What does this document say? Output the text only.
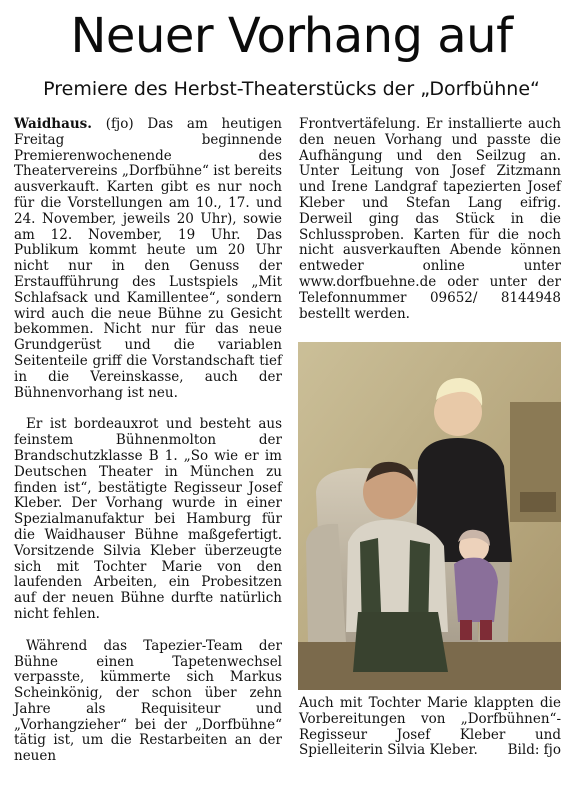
Neuer Vorhang auf
Premiere des Herbst-Theaterstücks der „Dorfbühne“

Waidhaus. (fjo) Das am heutigen Freitag beginnende Premierenwochenende des Theatervereins „Dorfbühne“ ist bereits ausverkauft. Karten gibt es nur noch für die Vorstellungen am 10., 17. und 24. November, jeweils 20 Uhr), sowie am 12. November, 19 Uhr. Das Publikum kommt heute um 20 Uhr nicht nur in den Genuss der Erstaufführung des Lustspiels „Mit Schlafsack und Kamillentee“, sondern wird auch die neue Bühne zu Gesicht bekommen. Nicht nur für das neue Grundgerüst und die variablen Seitenteile griff die Vorstandschaft tief in die Vereinskasse, auch der Bühnenvorhang ist neu.

Er ist bordeauxrot und besteht aus feinstem Bühnenmolton der Brandschutzklasse B 1. „So wie er im Deutschen Theater in München zu finden ist“, bestätigte Regisseur Josef Kleber. Der Vorhang wurde in einer Spezialmanufaktur bei Hamburg für die Waidhauser Bühne maßgefertigt. Vorsitzende Silvia Kleber überzeugte sich mit Tochter Marie von den laufenden Arbeiten, ein Probesitzen auf der neuen Bühne durfte natürlich nicht fehlen.

Während das Tapezier-Team der Bühne einen Tapetenwechsel verpasste, kümmerte sich Markus Scheinkönig, der schon über zehn Jahre als Requisiteur und „Vorhangzieher“ bei der „Dorfbühne“ tätig ist, um die Restarbeiten an der neuen

Frontvertäfelung. Er installierte auch den neuen Vorhang und passte die Aufhängung und den Seilzug an. Unter Leitung von Josef Zitzmann und Irene Landgraf tapezierten Josef Kleber und Stefan Lang eifrig. Derweil ging das Stück in die Schlussproben. Karten für die noch nicht ausverkauften Abende können entweder online unter www.dorfbuehne.de oder unter der Telefonnummer 09652/ 8144948 bestellt werden.

Auch mit Tochter Marie klappten die Vorbereitungen von „Dorfbühnen“-Regisseur Josef Kleber und Spielleiterin Silvia Kleber. Bild: fjo
